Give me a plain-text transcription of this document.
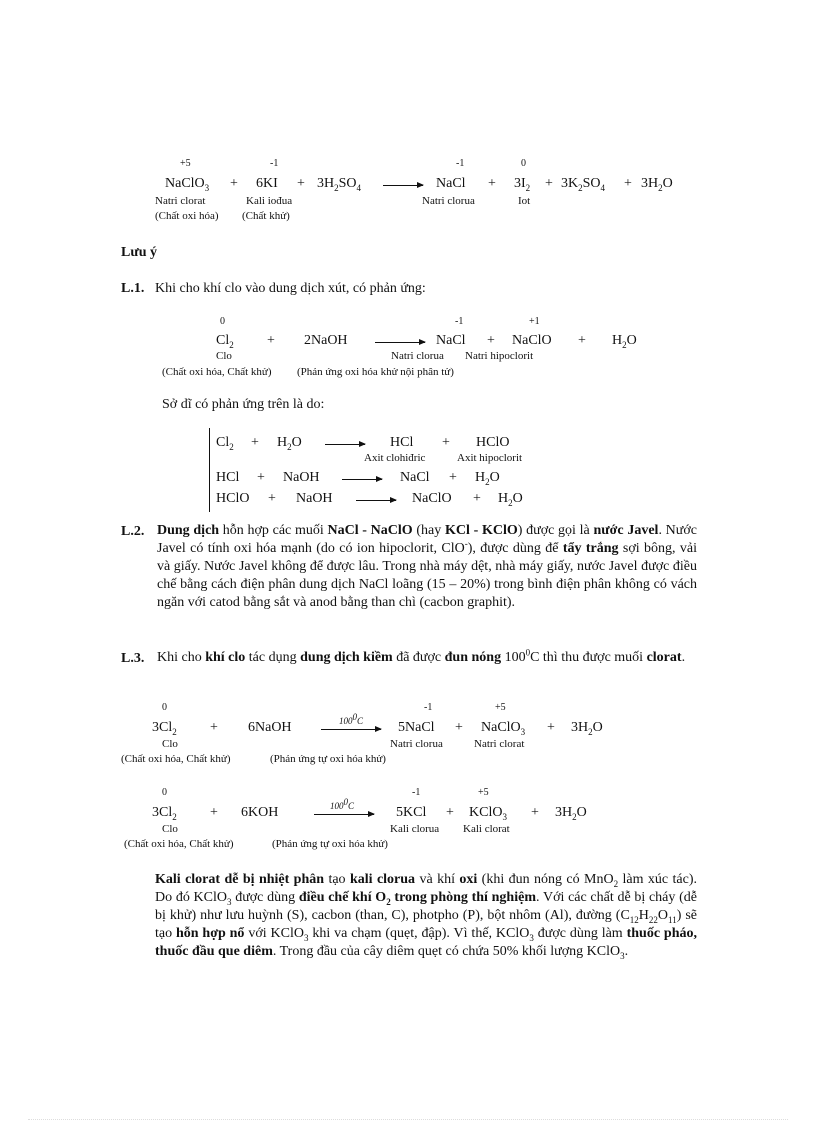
+5	-1	-1	0
NaClO$_3$ + $6KI + 3H_2SO_4$ → NaCl + $3I_2 + 3K_2SO_4 + 3H_2O$
Natri clorat	Kali iođua	Natri clorua	Iot
(Chất oxi hóa) (Chất khử)
Lưu ý
L.1. Khi cho khí clo vào dung dịch xút, có phản ứng:
0	-1	+1
$Cl_2$ + 2NaOH → NaCl + NaClO + $H_2O$
Clo	Natri clorua Natri hipoclorit
(Chất oxi hóa, Chất khử) (Phản ứng oxi hóa khử nội phân tử)
Sở dĩ có phản ứng trên là do:
$Cl_2 + H_2O$ → HCl + HClO
Axit clohiđric	Axit hipoclorit
HCl + NaOH → NaCl + $H_2O$
HClO + NaOH → NaClO + $H_2O$
L.2. Dung dịch hỗn hợp các muối NaCl - NaClO (hay KCl - KClO) được gọi là nước Javel. Nước Javel có tính oxi hóa mạnh (do có ion hipoclorit, ClO-), được dùng để tẩy trắng sợi bông, vải và giấy. Nước Javel không để được lâu. Trong nhà máy dệt, nhà máy giấy, nước Javel được điều chế bằng cách điện phân dung dịch NaCl loãng (15 – 20%) trong bình điện phân không có vách ngăn với catod bằng sắt và anod bằng than chì (cacbon graphit).
L.3. Khi cho khí clo tác dụng dung dịch kiềm đã được đun nóng $100^0C$ thì thu được muối clorat.
0	-1	+5
$3Cl_2$ + 6NaOH	$100^0C$ → 5NaCl + NaClO$_3$ + $3H_2O$
Clo	Natri clorua	Natri clorat
(Chất oxi hóa, Chất khử)	(Phản ứng tự oxi hóa khử)
0	-1	+5
$3Cl_2 + 6KOH$	$100^0C \to 5KCl$ + KClO$_3$ + $3H_2O$
Clo	Kali clorua Kali clorat
(Chất oxi hóa, Chất khử)	(Phản ứng tự oxi hóa khử)
Kali clorat dễ bị nhiệt phân tạo kali clorua và khí oxi (khi đun nóng có MnO$_2$ làm xúc tác). Do đó KClO$_3$ được dùng điều chế khí $O_2$ trong phòng thí nghiệm. Với các chất dễ bị cháy (dễ bị khử) như lưu huỳnh (S), cacbon (than, C), photpho (P), bột nhôm (Al), đường $(C_{12}H_{22}O_{11})$ sẽ tạo hỗn hợp nổ với KClO$_3$ khi va chạm (quẹt, đập). Vì thế, KClO$_3$ được dùng làm thuốc pháo, thuốc đầu que diêm. Trong đầu của cây diêm quẹt có chứa 50% khối lượng KClO$_3$.
